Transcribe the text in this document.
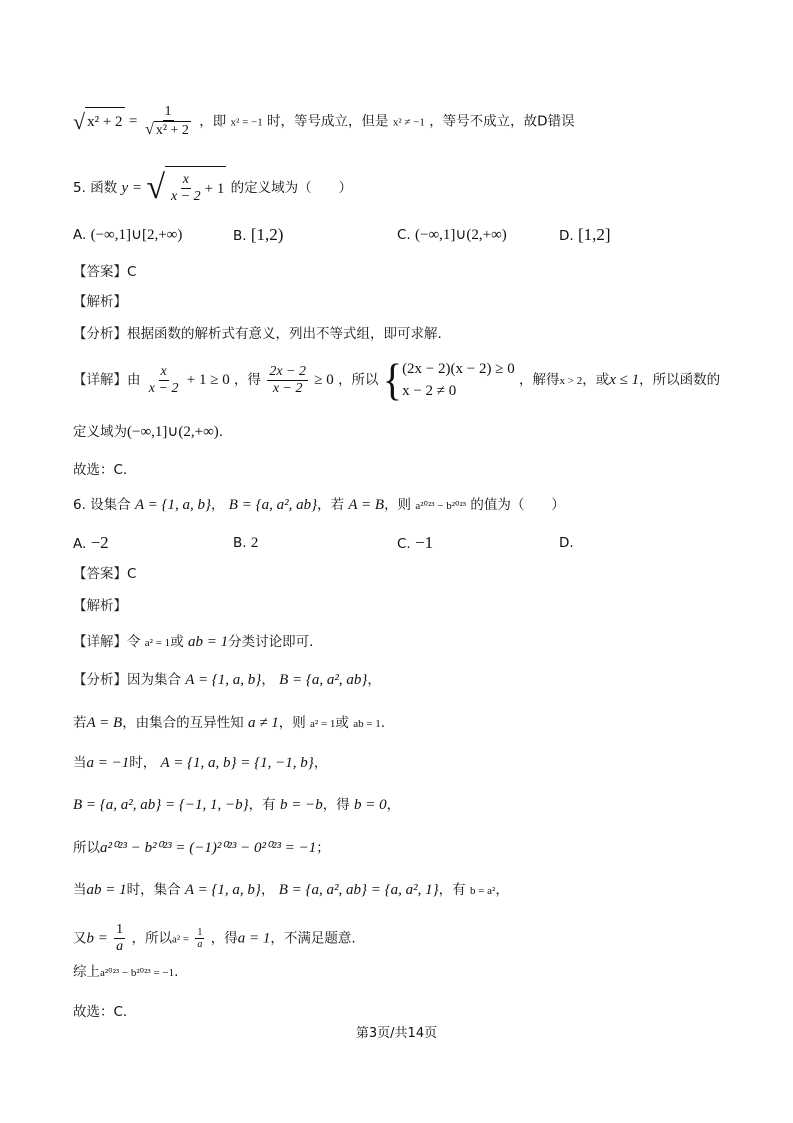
√ $x^2 + 2 = \frac{1}{\text{√ x² + 2}}$ ，即 x² = −1 时，等号成立，但是 x² ≠ −1 ，等号不成立，故D错误
5. 函数 y = √ $\frac{x}{x - 2} + 1$ 的定义域为（　　）
A. (−∞,1]∪[2,+∞)	B. [1,2)	C. (−∞,1]∪(2,+∞)	D. [1,2]
【答案】C
【解析】
【分析】根据函数的解析式有意义，列出不等式组，即可求解.
【详解】由 $\frac{x}{x - 2} + 1 \ge 0$ ，得 $\frac{2x - 2}{x - 2} \ge 0$ ，所以 { (2x − 2)(x − 2) ≥ 0
x − 2 ≠ 0
，解得x > 2，或x ≤ 1，所以函数的
定义域为(−∞,1]∪(2,+∞).
故选：C.
6. 设集合 A = {1, a, b}， B = {a, a², ab}，若 A = B，则 a²⁰²³ − b²⁰²³ 的值为（　　）
A. −2	B. 2	C. −1	D.
【答案】C
【解析】
【详解】令 a² = 1或 ab = 1分类讨论即可.
【分析】因为集合 A = {1, a, b}， B = {a, a², ab}，
若A = B，由集合的互异性知 a ≠ 1，则 a² = 1或 ab = 1.
当a = −1时， A = {1, a, b} = {1, −1, b}，
B = {a, a², ab} = {−1, 1, −b}，有 b = −b，得 b = 0，
所以a²⁰²³ − b²⁰²³ = (−1)²⁰²³ − 0²⁰²³ = −1；
当ab = 1时，集合 A = {1, a, b}， B = {a, a², ab} = {a, a², 1}，有 b = a²，
又$b = \frac{1}{a}$ ，所以$a^2 = \frac{1}{a}$ ，得a = 1，不满足题意.
综上a²⁰²³ − b²⁰²³ = −1.
故选：C.
第3页/共14页
